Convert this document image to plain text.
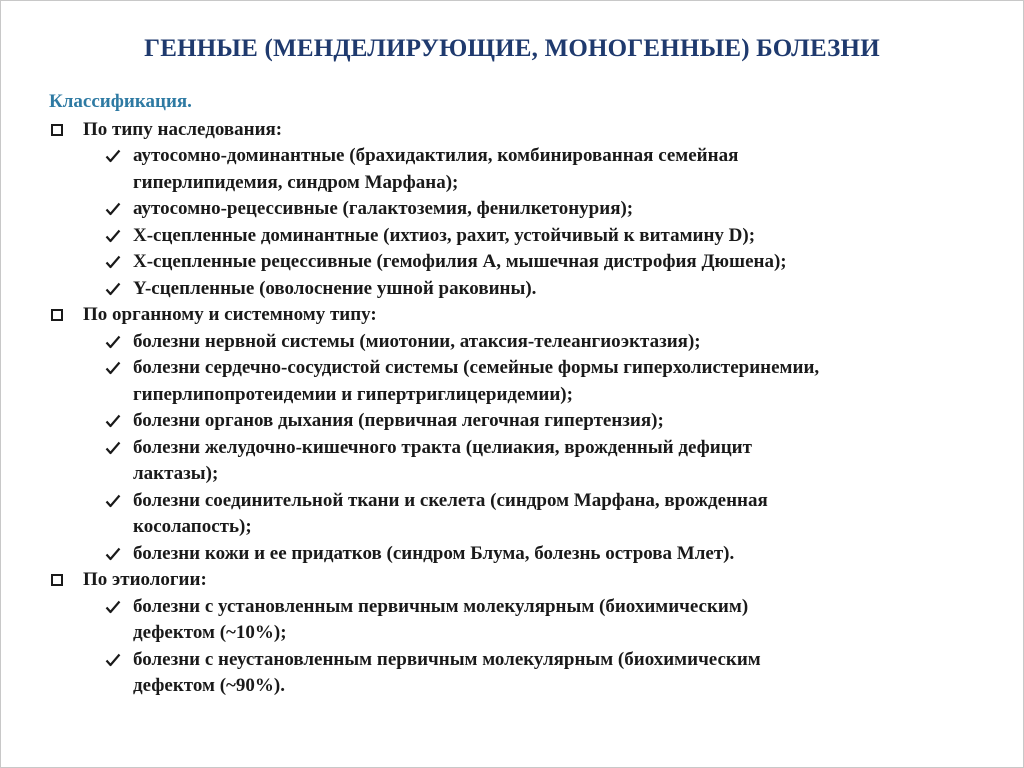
ГЕННЫЕ (МЕНДЕЛИРУЮЩИЕ, МОНОГЕННЫЕ) БОЛЕЗНИ
Классификация.
По типу наследования:
аутосомно-доминантные (брахидактилия, комбинированная семейная
гиперлипидемия, синдром Марфана);
аутосомно-рецессивные (галактоземия, фенилкетонурия);
Х-сцепленные доминантные (ихтиоз, рахит, устойчивый к витамину D);
Х-сцепленные рецессивные (гемофилия А, мышечная дистрофия Дюшена);
Y-сцепленные (оволоснение ушной раковины).
По органному и системному типу:
болезни нервной системы (миотонии, атаксия-телеангиоэктазия);
болезни сердечно-сосудистой системы (семейные формы гиперхолистеринемии,
гиперлипопротеидемии и гипертриглицеридемии);
болезни органов дыхания (первичная легочная гипертензия);
болезни желудочно-кишечного тракта (целиакия, врожденный дефицит
лактазы);
болезни соединительной ткани и скелета (синдром Марфана, врожденная
косолапость);
болезни кожи и ее придатков (синдром Блума, болезнь острова Млет).
По этиологии:
болезни с установленным первичным молекулярным (биохимическим)
дефектом (~10%);
болезни с неустановленным первичным молекулярным (биохимическим
дефектом (~90%).
